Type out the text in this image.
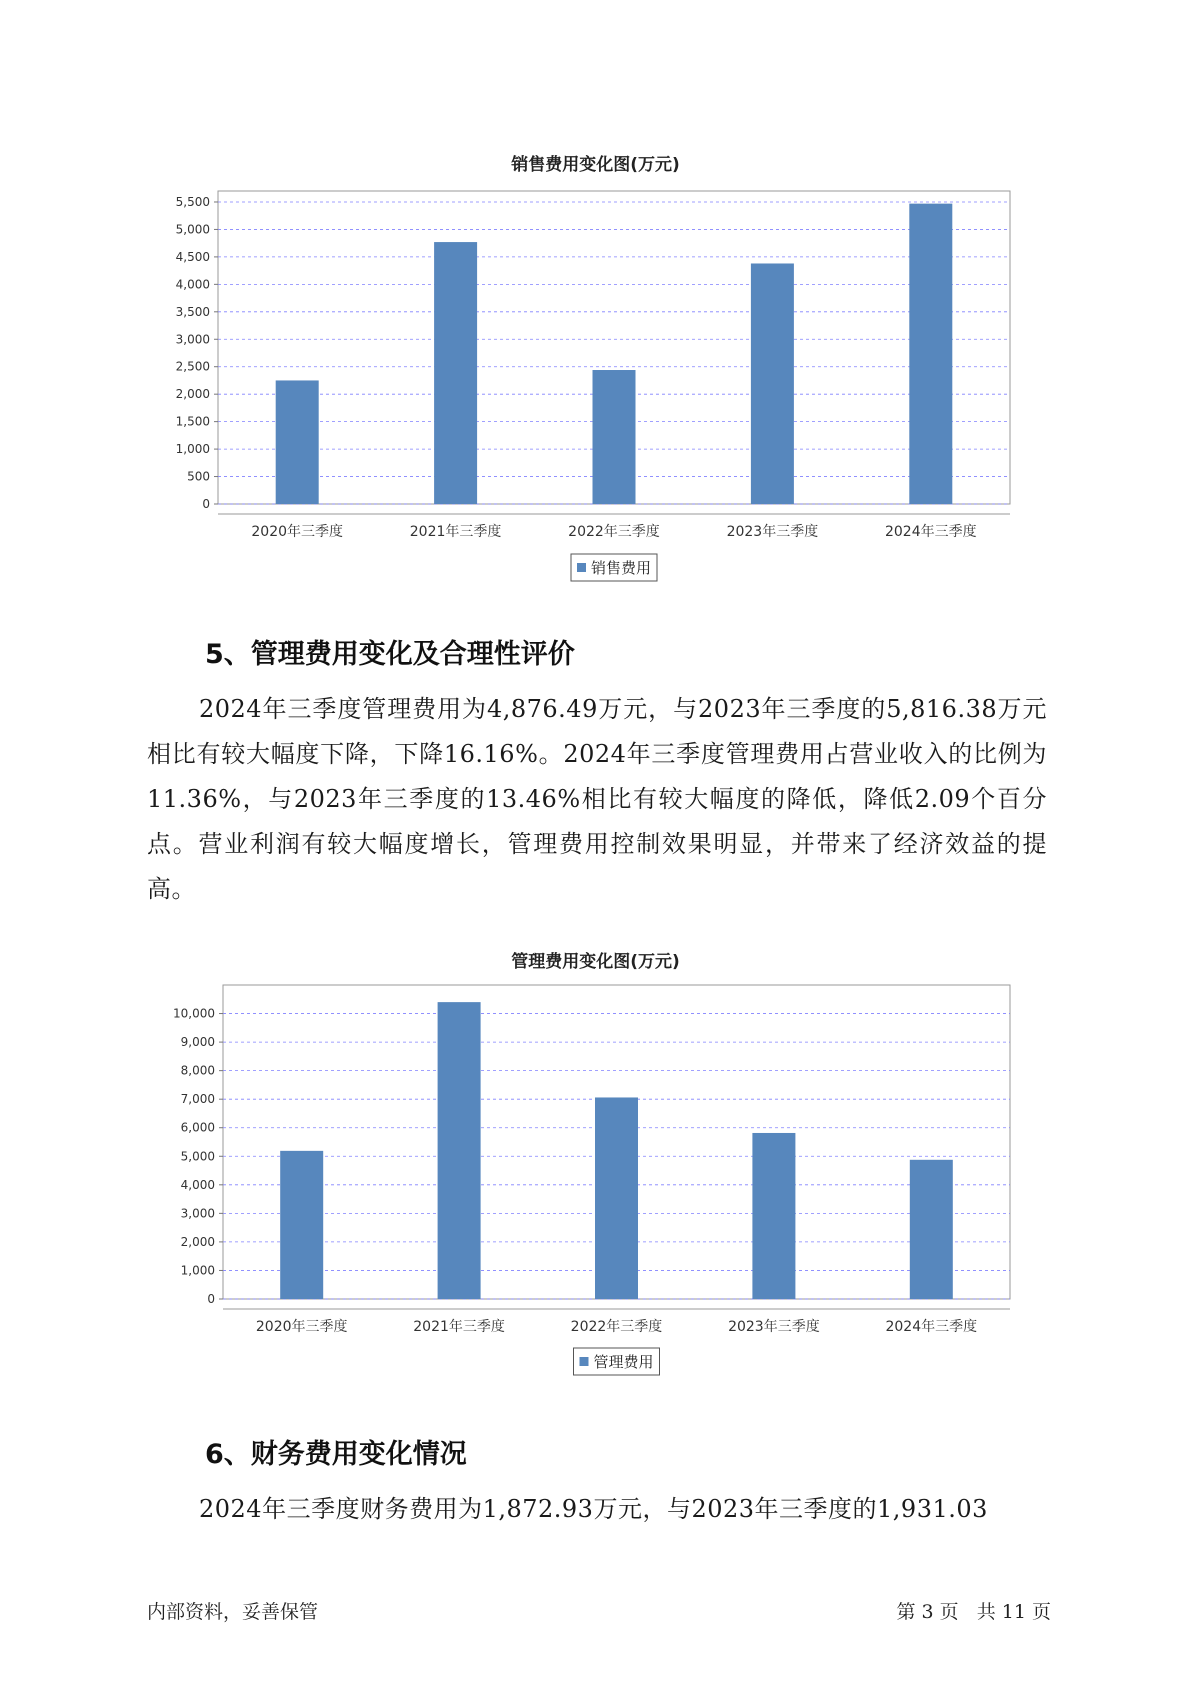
销售费用变化图(万元)
0
500
1,000
1,500
2,000
2,500
3,000
3,500
4,000
4,500
5,000
5,500
2020年三季度	2021年三季度	2022年三季度	2023年三季度	2024年三季度
销售费用
5、管理费用变化及合理性评价

2024年三季度管理费用为4,876.49万元，与2023年三季度的5,816.38万元相比有较大幅度下降，下降16.16%。2024年三季度管理费用占营业收入的比例为11.36%，与2023年三季度的13.46%相比有较大幅度的降低，降低2.09个百分点。营业利润有较大幅度增长，管理费用控制效果明显，并带来了经济效益的提高。

管理费用变化图(万元)
0
1,000
2,000
3,000
4,000
5,000
6,000
7,000
8,000
9,000
10,000
2020年三季度	2021年三季度	2022年三季度	2023年三季度	2024年三季度
管理费用
6、财务费用变化情况

2024年三季度财务费用为1,872.93万元，与2023年三季度的1,931.03

内部资料，妥善保管	第 3 页   共 11 页
